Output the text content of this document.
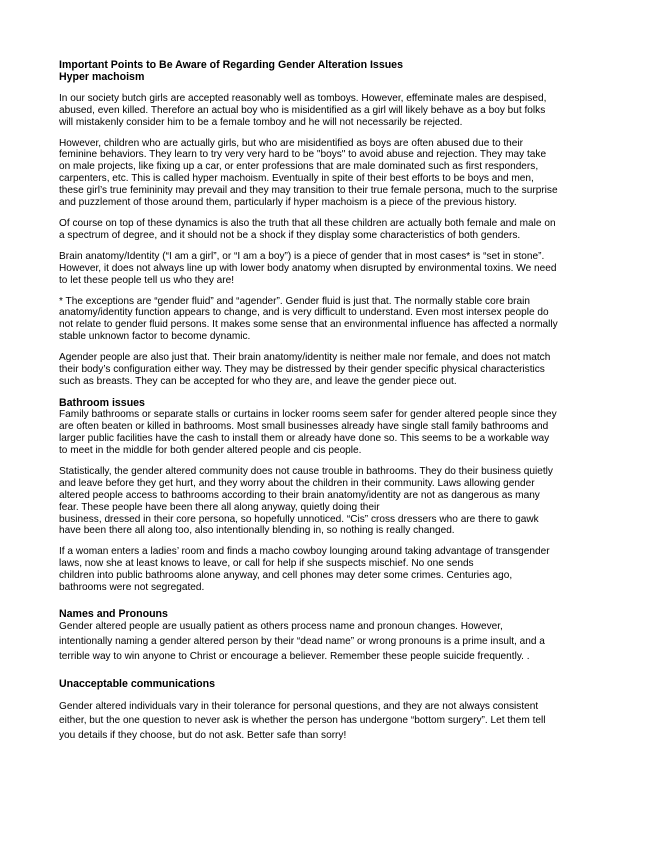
Important Points to Be Aware of Regarding Gender Alteration Issues

Hyper machoism

In our society butch girls are accepted reasonably well as tomboys. However, effeminate males are despised,

abused, even killed. Therefore an actual boy who is misidentified as a girl will likely behave as a boy but folks

will mistakenly consider him to be a female tomboy and he will not necessarily be rejected.

However, children who are actually girls, but who are misidentified as boys are often abused due to their

feminine behaviors. They learn to try very very hard to be "boys" to avoid abuse and rejection. They may take

on male projects, like fixing up a car, or enter professions that are male dominated such as first responders,

carpenters, etc. This is called hyper machoism. Eventually in spite of their best efforts to be boys and men,

these girl’s true femininity may prevail and they may transition to their true female persona, much to the surprise

and puzzlement of those around them, particularly if hyper machoism is a piece of the previous history.

Of course on top of these dynamics is also the truth that all these children are actually both female and male on

a spectrum of degree, and it should not be a shock if they display some characteristics of both genders.

Brain anatomy/Identity (“I am a girl”, or “I am a boy”) is a piece of gender that in most cases* is “set in stone”.

However, it does not always line up with lower body anatomy when disrupted by environmental toxins. We need

to let these people tell us who they are!

* The exceptions are “gender fluid” and “agender”. Gender fluid is just that. The normally stable core brain

anatomy/identity function appears to change, and is very difficult to understand. Even most intersex people do

not relate to gender fluid persons. It makes some sense that an environmental influence has affected a normally

stable unknown factor to become dynamic.

Agender people are also just that. Their brain anatomy/identity is neither male nor female, and does not match

their body’s configuration either way. They may be distressed by their gender specific physical characteristics

such as breasts. They can be accepted for who they are, and leave the gender piece out.

Bathroom issues

Family bathrooms or separate stalls or curtains in locker rooms seem safer for gender altered people since they

are often beaten or killed in bathrooms. Most small businesses already have single stall family bathrooms and

larger public facilities have the cash to install them or already have done so. This seems to be a workable way

to meet in the middle for both gender altered people and cis people.

Statistically, the gender altered community does not cause trouble in bathrooms. They do their business quietly

and leave before they get hurt, and they worry about the children in their community. Laws allowing gender

altered people access to bathrooms according to their brain anatomy/identity are not as dangerous as many

fear. These people have been there all along anyway, quietly doing their

business, dressed in their core persona, so hopefully unnoticed. “Cis” cross dressers who are there to gawk

have been there all along too, also intentionally blending in, so nothing is really changed.

If a woman enters a ladies’ room and finds a macho cowboy lounging around taking advantage of transgender

laws, now she at least knows to leave, or call for help if she suspects mischief. No one sends

children into public bathrooms alone anyway, and cell phones may deter some crimes. Centuries ago,

bathrooms were not segregated.

Names and Pronouns

Gender altered people are usually patient as others process name and pronoun changes. However,

intentionally naming a gender altered person by their “dead name” or wrong pronouns is a prime insult, and a

terrible way to win anyone to Christ or encourage a believer. Remember these people suicide frequently. .

Unacceptable communications

Gender altered individuals vary in their tolerance for personal questions, and they are not always consistent

either, but the one question to never ask is whether the person has undergone “bottom surgery”. Let them tell

you details if they choose, but do not ask. Better safe than sorry!
